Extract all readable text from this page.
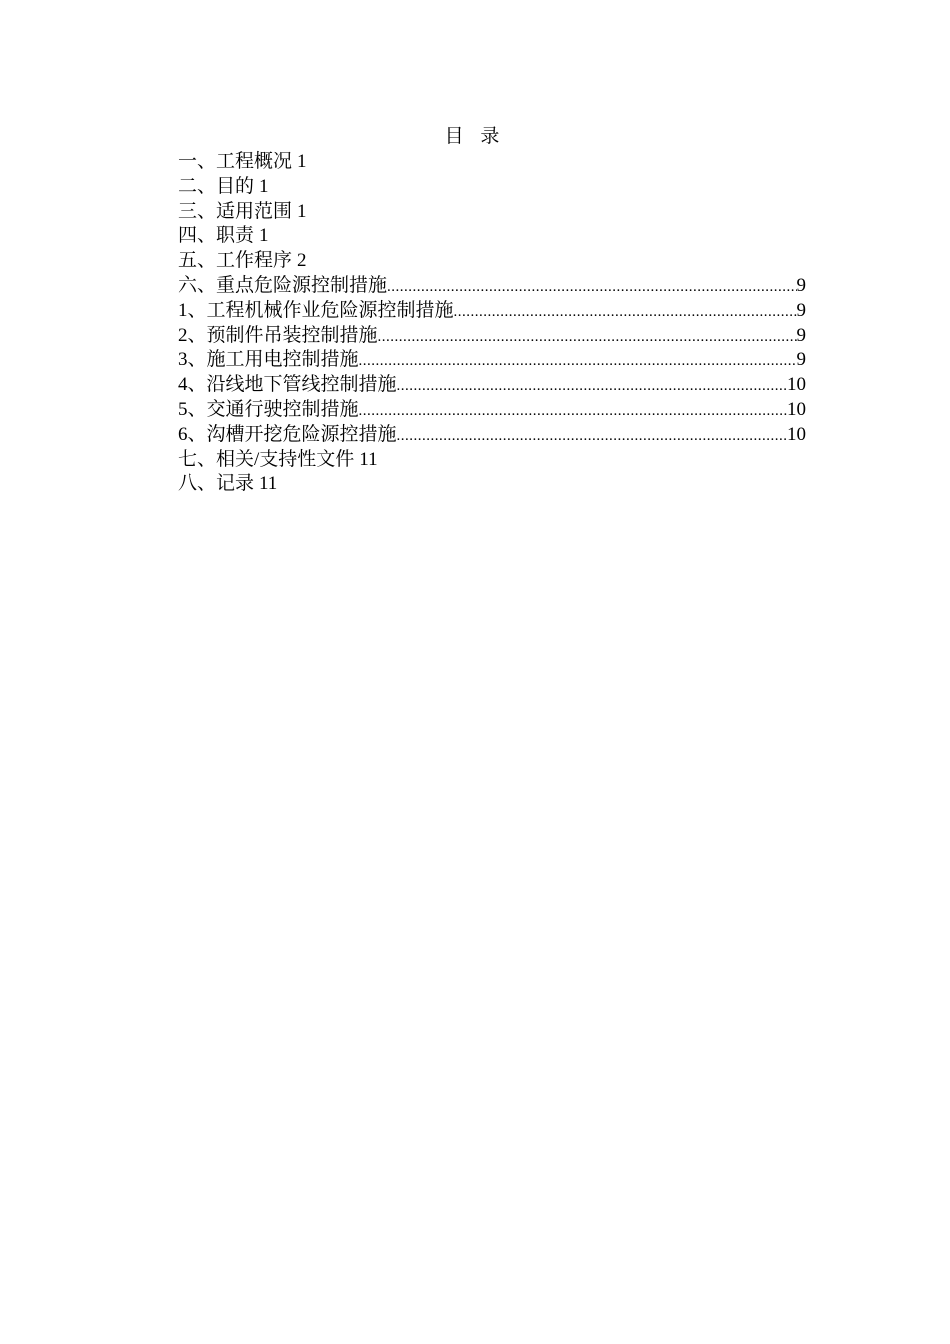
目 录
一、工程概况 1
二、目的 1
三、适用范围 1
四、职责 1
五、工作程序 2
六、重点危险源控制措施 .....	9
1、工程机械作业危险源控制措施 .....	9
2、预制件吊装控制措施 .....	9
3、施工用电控制措施 .....	9
4、沿线地下管线控制措施 .....	10
5、交通行驶控制措施 .....	10
6、沟槽开挖危险源控措施 .....	10
七、相关/支持性文件 11
八、记录 11
